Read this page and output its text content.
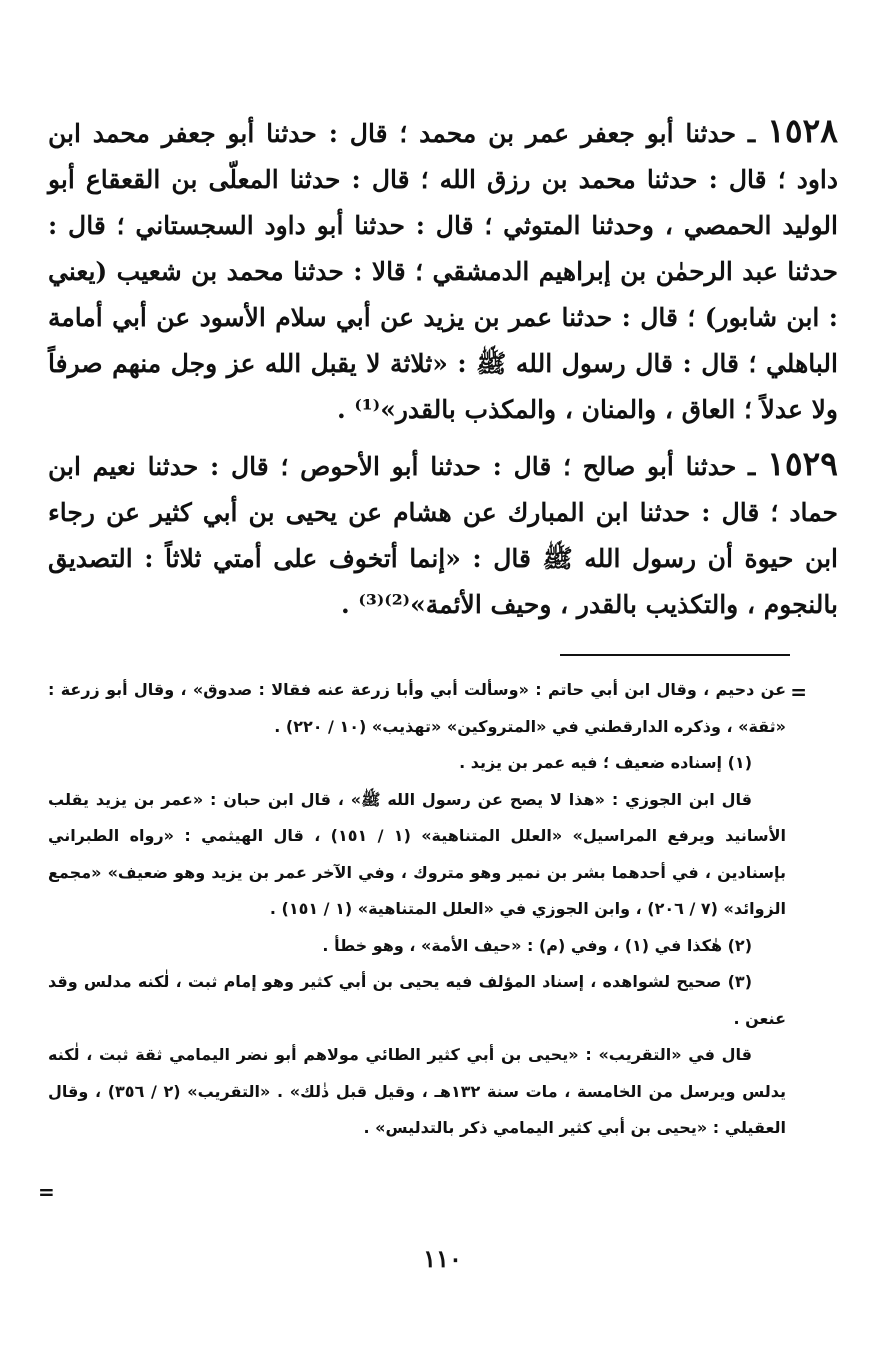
١٥٢٨ ـ حدثنا أبو جعفر عمر بن محمد ؛ قال : حدثنا أبو جعفر محمد ابن داود ؛ قال : حدثنا محمد بن رزق الله ؛ قال : حدثنا المعلّى بن القعقاع أبو الوليد الحمصي ، وحدثنا المتوثي ؛ قال : حدثنا أبو داود السجستاني ؛ قال : حدثنا عبد الرحمٰن بن إبراهيم الدمشقي ؛ قالا : حدثنا محمد بن شعيب (يعني : ابن شابور) ؛ قال : حدثنا عمر بن يزيد عن أبي سلام الأسود عن أبي أمامة الباهلي ؛ قال : قال رسول الله ﷺ : «ثلاثة لا يقبل الله عز وجل منهم صرفاً ولا عدلاً ؛ العاق ، والمنان ، والمكذب بالقدر»⁽¹⁾ .

١٥٢٩ ـ حدثنا أبو صالح ؛ قال : حدثنا أبو الأحوص ؛ قال : حدثنا نعيم ابن حماد ؛ قال : حدثنا ابن المبارك عن هشام عن يحيى بن أبي كثير عن رجاء ابن حيوة أن رسول الله ﷺ قال : «إنما أتخوف على أمتي ثلاثاً : التصديق بالنجوم ، والتكذيب بالقدر ، وحيف الأئمة»⁽²⁾⁽³⁾ .

=

عن دحيم ، وقال ابن أبي حاتم : «وسألت أبي وأبا زرعة عنه فقالا : صدوق» ، وقال أبو زرعة : «ثقة» ، وذكره الدارقطني في «المتروكين» «تهذيب» (١٠ / ٢٢٠) .

(١) إسناده ضعيف ؛ فيه عمر بن يزيد .

قال ابن الجوزي : «هذا لا يصح عن رسول الله ﷺ» ، قال ابن حبان : «عمر بن يزيد يقلب الأسانيد ويرفع المراسيل» «العلل المتناهية» (١ / ١٥١) ، قال الهيثمي : «رواه الطبراني بإسنادين ، في أحدهما بشر بن نمير وهو متروك ، وفي الآخر عمر بن يزيد وهو ضعيف» «مجمع الزوائد» (٧ / ٢٠٦) ، وابن الجوزي في «العلل المتناهية» (١ / ١٥١) .

(٢) هٰكذا في (١) ، وفي (م) : «حيف الأمة» ، وهو خطأ .

(٣) صحيح لشواهده ، إسناد المؤلف فيه يحيى بن أبي كثير وهو إمام ثبت ، لٰكنه مدلس وقد عنعن .

قال في «التقريب» : «يحيى بن أبي كثير الطائي مولاهم أبو نضر اليمامي ثقة ثبت ، لٰكنه يدلس ويرسل من الخامسة ، مات سنة ١٣٢هـ ، وقيل قبل ذٰلك» . «التقريب» (٢ / ٣٥٦) ، وقال العقيلي : «يحيى بن أبي كثير اليمامي ذكر بالتدليس» .

=
١١٠
